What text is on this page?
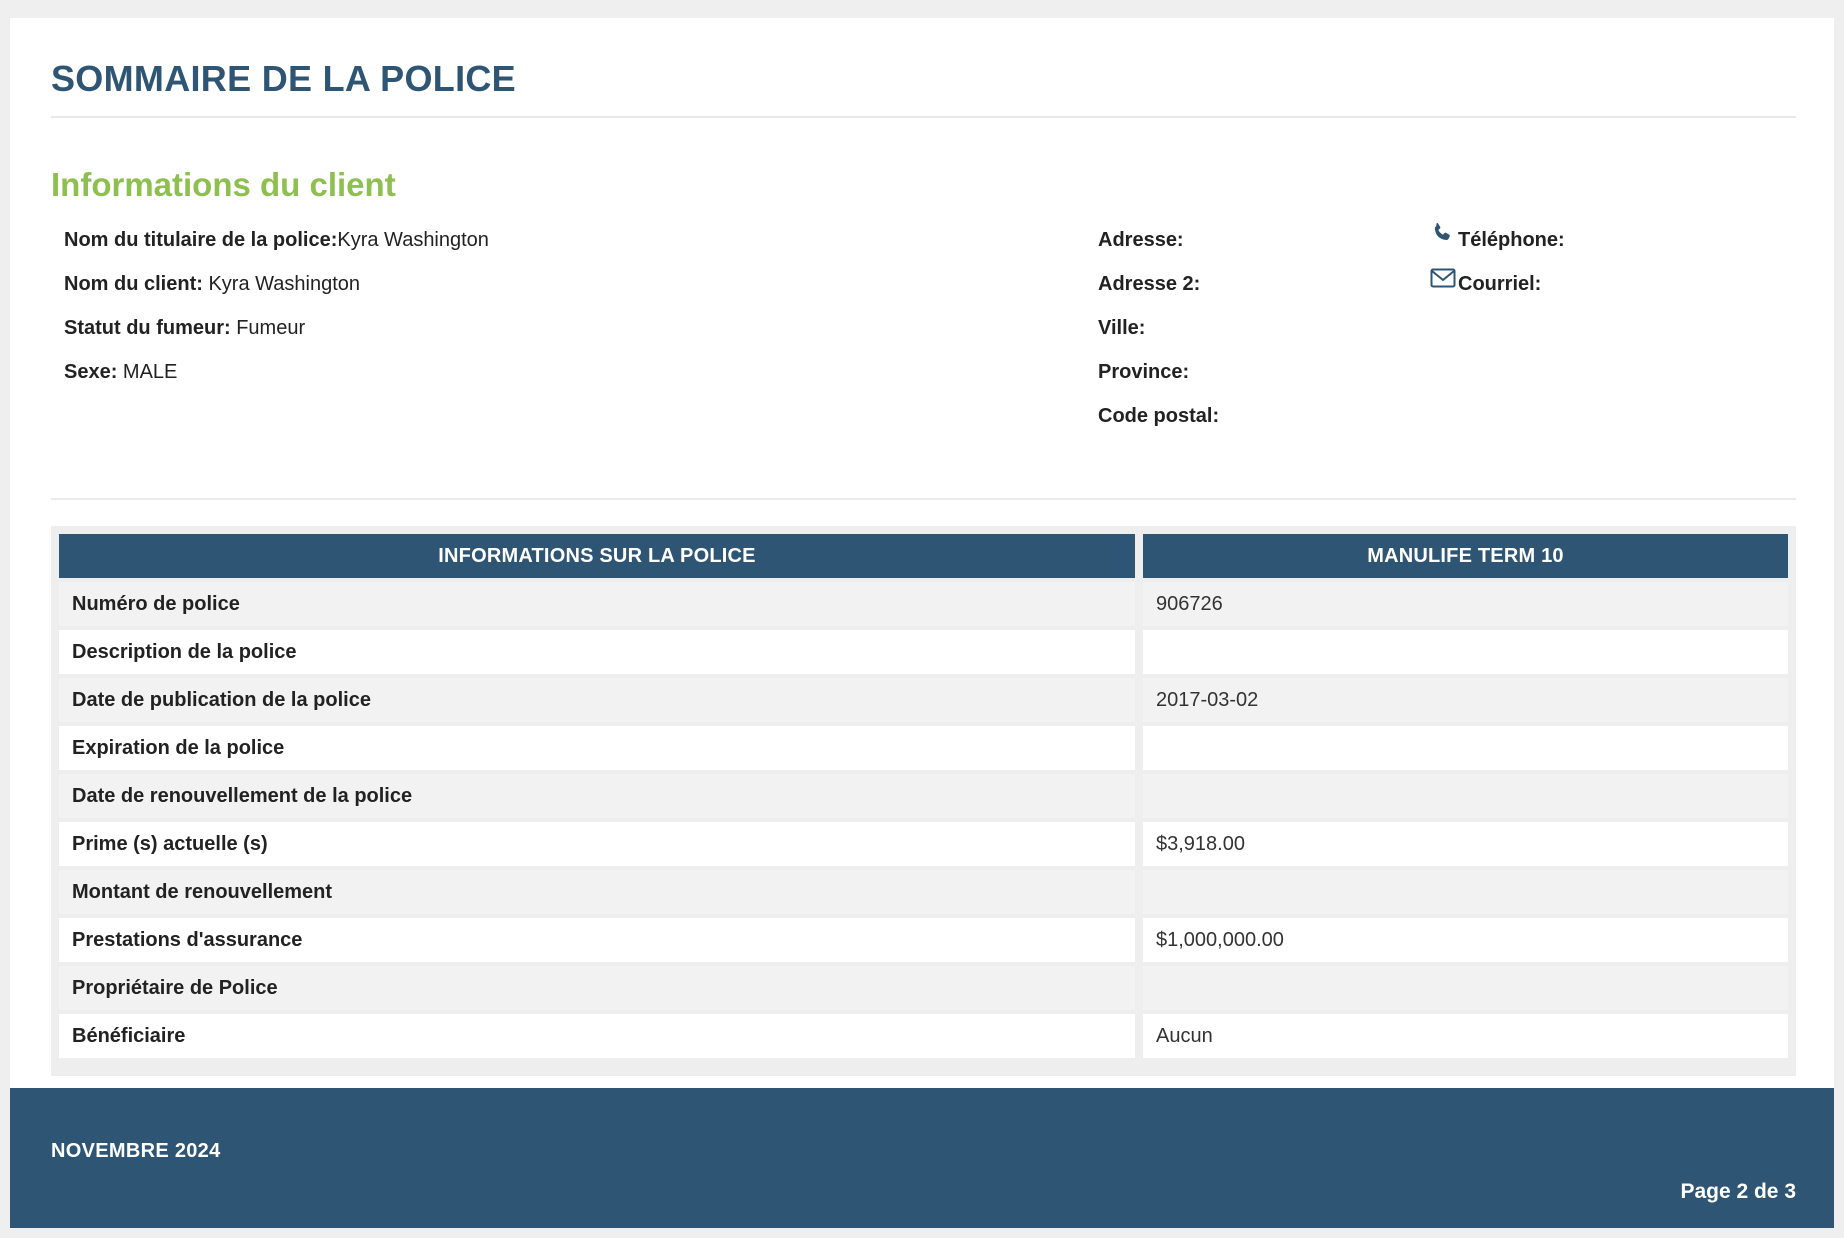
SOMMAIRE DE LA POLICE
Informations du client
Nom du titulaire de la police:Kyra Washington
Nom du client: Kyra Washington
Statut du fumeur: Fumeur
Sexe: MALE
Adresse:
Adresse 2:
Ville:
Province:
Code postal:
Téléphone:
Courriel:
INFORMATIONS SUR LA POLICE	MANULIFE TERM 10
Numéro de police	906726
Description de la police	
Date de publication de la police	2017-03-02
Expiration de la police	
Date de renouvellement de la police	
Prime (s) actuelle (s)	$3,918.00
Montant de renouvellement	
Prestations d'assurance	$1,000,000.00
Propriétaire de Police	
Bénéficiaire	Aucun
NOVEMBRE 2024
Page 2 de 3
